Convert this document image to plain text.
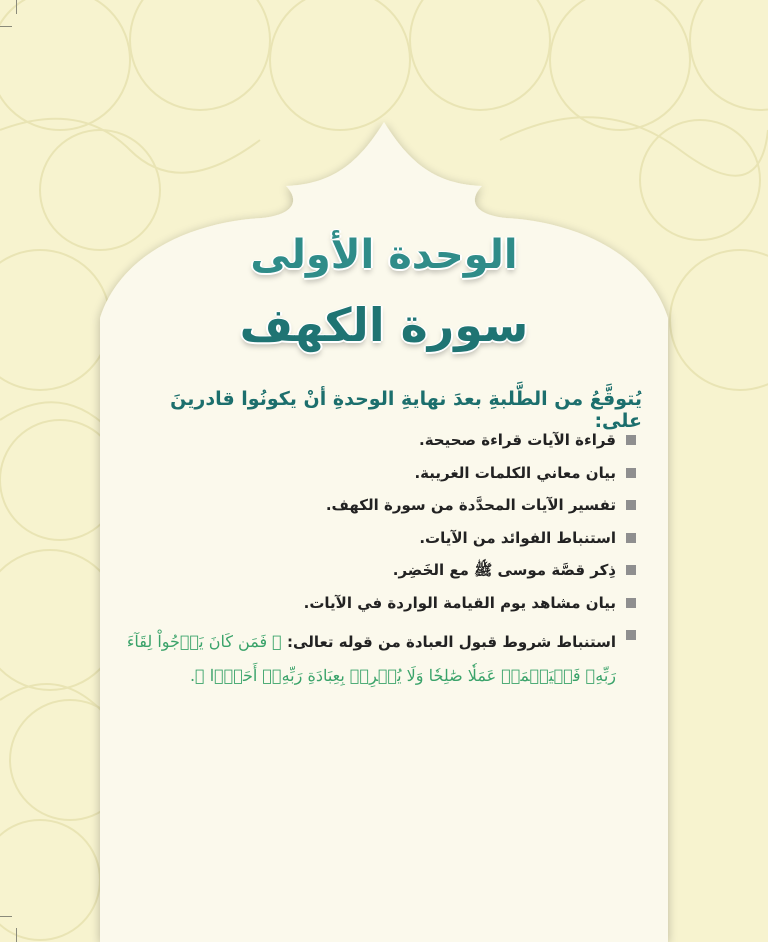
الوحدة الأولى
سورة الكهف
يُتوقَّعُ من الطَّلبةِ بعدَ نهايةِ الوحدةِ أنْ يكونُوا قادرينَ على:
قراءة الآيات قراءة صحيحة.
بيان معاني الكلمات الغريبة.
تفسير الآيات المحدَّدة من سورة الكهف.
استنباط الفوائد من الآيات.
ذِكر قصَّة موسى ﷺ مع الخَضِر.
بيان مشاهد يوم القيامة الواردة في الآيات.
استنباط شروط قبول العبادة من قوله تعالى: ﴿ فَمَن كَانَ يَرۡجُواْ لِقَآءَ رَبِّهِۦ فَلۡيَعۡمَلۡ عَمَلٗا صَٰلِحٗا وَلَا يُشۡرِكۡ بِعِبَادَةِ رَبِّهِۦٓ أَحَدَۢا ﴾.
